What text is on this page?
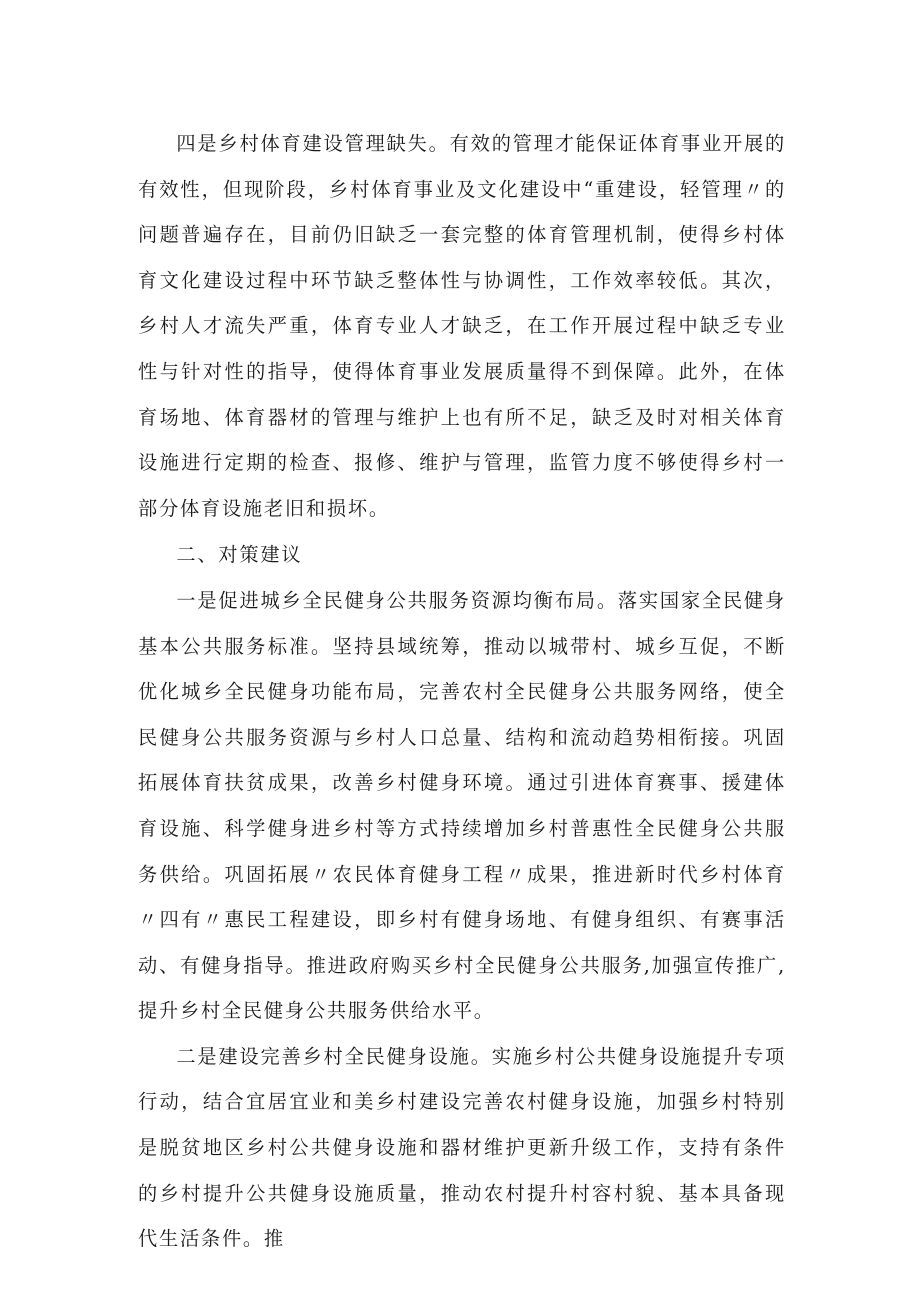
四是乡村体育建设管理缺失。有效的管理才能保证体育事业开展的有效性，但现阶段，乡村体育事业及文化建设中“重建设，轻管理〃的问题普遍存在，目前仍旧缺乏一套完整的体育管理机制，使得乡村体育文化建设过程中环节缺乏整体性与协调性，工作效率较低。其次，乡村人才流失严重，体育专业人才缺乏，在工作开展过程中缺乏专业性与针对性的指导，使得体育事业发展质量得不到保障。此外，在体育场地、体育器材的管理与维护上也有所不足，缺乏及时对相关体育设施进行定期的检查、报修、维护与管理，监管力度不够使得乡村一部分体育设施老旧和损坏。

二、对策建议

一是促进城乡全民健身公共服务资源均衡布局。落实国家全民健身基本公共服务标准。坚持县域统筹，推动以城带村、城乡互促，不断优化城乡全民健身功能布局，完善农村全民健身公共服务网络，使全民健身公共服务资源与乡村人口总量、结构和流动趋势相衔接。巩固拓展体育扶贫成果，改善乡村健身环境。通过引进体育赛事、援建体育设施、科学健身进乡村等方式持续增加乡村普惠性全民健身公共服务供给。巩固拓展〃农民体育健身工程〃成果，推进新时代乡村体育〃四有〃惠民工程建设，即乡村有健身场地、有健身组织、有赛事活动、有健身指导。推进政府购买乡村全民健身公共服务,加强宣传推广,提升乡村全民健身公共服务供给水平。

二是建设完善乡村全民健身设施。实施乡村公共健身设施提升专项行动，结合宜居宜业和美乡村建设完善农村健身设施，加强乡村特别是脱贫地区乡村公共健身设施和器材维护更新升级工作，支持有条件的乡村提升公共健身设施质量，推动农村提升村容村貌、基本具备现代生活条件。推
